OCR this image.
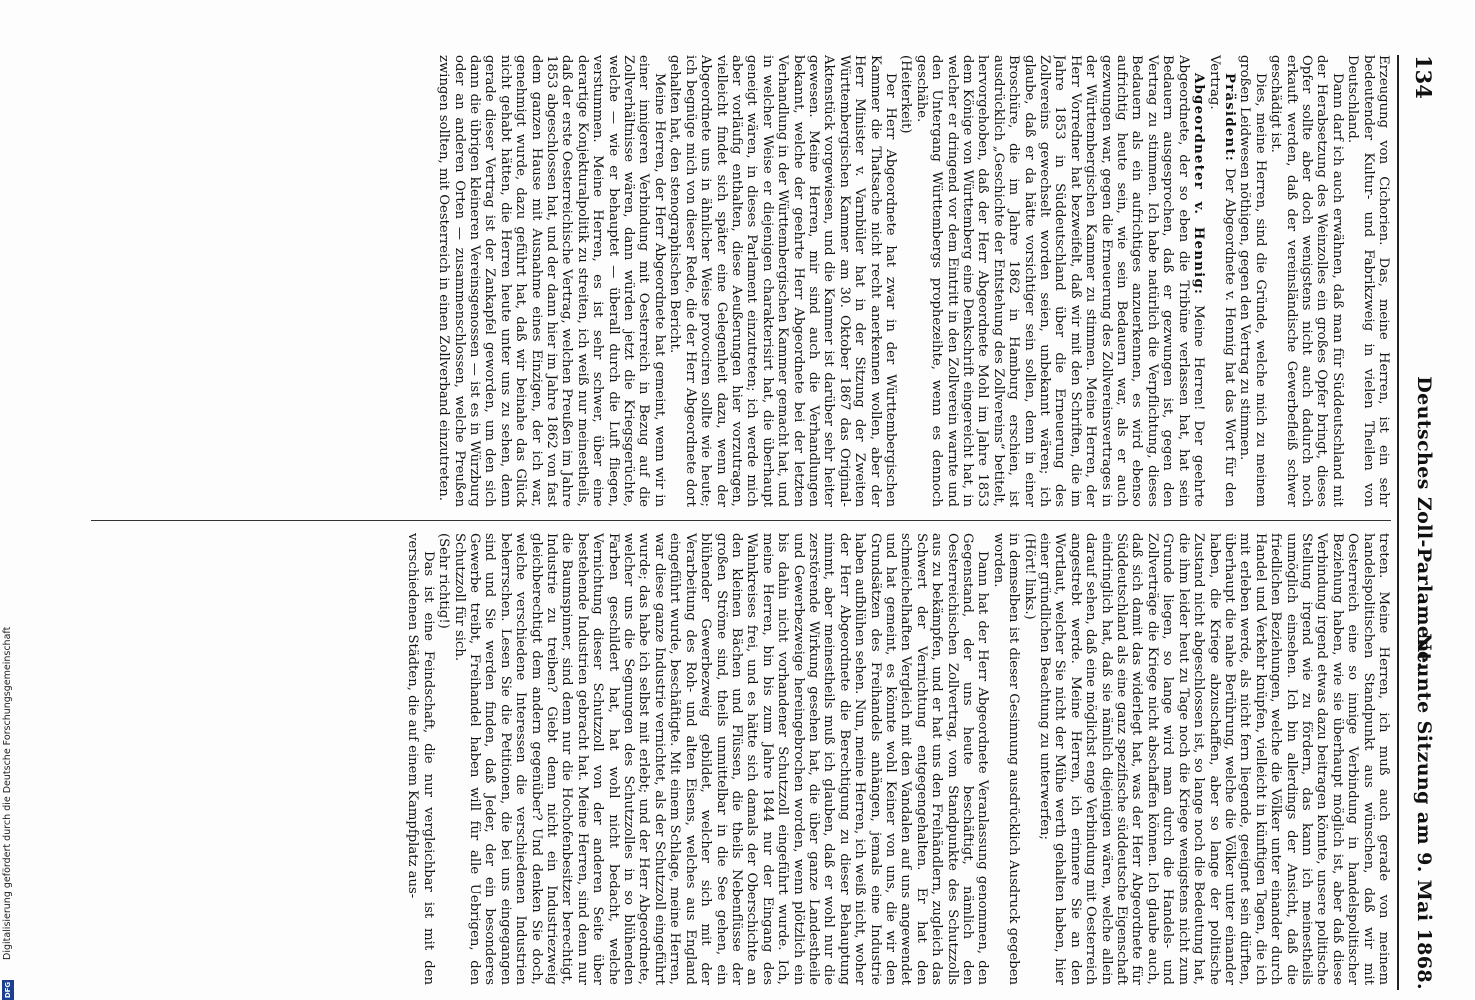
134
Deutsches Zoll-Parlament.
Neunte Sitzung am 9. Mai 1868.

Erzeugung von Cichorien. Das, meine Herren, ist ein sehr bedeutender Kultur- und Fabrikzweig in vielen Theilen von Deutschland.

Dann darf ich auch erwähnen, daß man für Süddeutschland mit der Herabsetzung des Weinzolles ein großes Opfer bringt, dieses Opfer sollte aber doch wenigstens nicht auch dadurch noch erkauft werden, daß der vereinsländische Gewerbefleiß schwer geschädigt ist.

Dies, meine Herren, sind die Gründe, welche mich zu meinem großen Leidwesen nöthigen, gegen den Vertrag zu stimmen.

Präsident: Der Abgeordnete v. Hennig hat das Wort für den Vertrag.

Abgeordneter v. Hennig: Meine Herren! Der geehrte Abgeordnete, der so eben die Tribüne verlassen hat, hat sein Bedauern ausgesprochen, daß er gezwungen ist, gegen den Vertrag zu stimmen. Ich habe natürlich die Verpflichtung, dieses Bedauern als ein aufrichtiges anzuerkennen, es wird ebenso aufrichtig heute sein, wie sein Bedauern war, als er auch gezwungen war, gegen die Erneuerung des Zollvereinsvertrages in der Württembergischen Kammer zu stimmen. Meine Herren, der Herr Vorredner hat bezweifelt, daß wir mit den Schriften, die im Jahre 1853 in Süddeutschland über die Erneuerung des Zollvereins gewechselt worden seien, unbekannt wären; ich glaube, daß er da hätte vorsichtiger sein sollen, denn in einer Broschüre, die im Jahre 1862 in Hamburg erschien, ist ausdrücklich „Geschichte der Entstehung des Zollvereins“ betitelt, hervorgehoben, daß der Herr Abgeordnete Mohl im Jahre 1853 dem Könige von Württemberg eine Denkschrift eingereicht hat, in welcher er dringend vor dem Eintritt in den Zollverein warnte und den Untergang Württembergs prophezeihte, wenn es dennoch geschähe.

(Heiterkeit)

Der Herr Abgeordnete hat zwar in der Württembergischen Kammer die Thatsache nicht recht anerkennen wollen, aber der Herr Minister v. Varnbüler hat in der Sitzung der Zweiten Württembergischen Kammer am 30. Oktober 1867 das Original-Aktenstück vorgewiesen, und die Kammer ist darüber sehr heiter gewesen. Meine Herren, mir sind auch die Verhandlungen bekannt, welche der geehrte Herr Abgeordnete bei der letzten Verhandlung in der Württembergischen Kammer gemacht hat, und in welcher Weise er diejenigen charakterisirt hat, die überhaupt geneigt wären, in dieses Parlament einzutreten; ich werde mich aber vorläufig enthalten, diese Aeußerungen hier vorzutragen, vielleicht findet sich später eine Gelegenheit dazu, wenn der Abgeordnete uns in ähnlicher Weise provociren sollte wie heute; ich begnüge mich von dieser Rede, die der Herr Abgeordnete dort gehalten hat, den stenographischen Bericht.

Meine Herren, der Herr Abgeordnete hat gemeint, wenn wir in einer innigeren Verbindung mit Oesterreich in Bezug auf die Zollverhältnisse wären, dann würden jetzt die Kriegsgerüchte, welche — wie er behauptet — überall durch die Luft fliegen, verstummen. Meine Herren, es ist sehr schwer, über eine derartige Konjekturalpolitik zu streiten, ich weiß nur meinestheils, daß der erste Oesterreichische Vertrag, welchen Preußen im Jahre 1853 abgeschlossen hat, und der dann hier im Jahre 1862 von fast dem ganzen Hause mit Ausnahme eines Einzigen, der ich war, genehmigt wurde, dazu geführt hat, daß wir beinahe das Glück nicht gehabt hätten, die Herren heute unter uns zu sehen, denn gerade dieser Vertrag ist der Zankapfel geworden, um den sich dann die übrigen kleineren Vereinsgenossen — ist es in Würzburg oder an anderen Orten — zusammenschlossen, welche Preußen zwingen sollten, mit Oesterreich in einen Zollverband einzutreten.

treten. Meine Herren, ich muß auch gerade von meinem handelspolitischen Standpunkt aus wünschen, daß wir mit Oesterreich eine so innige Verbindung in handelspolitischer Beziehung haben, wie sie überhaupt möglich ist, aber daß diese Verbindung irgend etwas dazu beitragen könnte, unsere politische Stellung irgend wie zu fördern, das kann ich meinestheils unmöglich einsehen. Ich bin allerdings der Ansicht, daß die friedlichen Beziehungen, welche die Völker unter einander durch Handel und Verkehr knüpfen, vielleicht in künftigen Tagen, die ich mit erleben werde, als nicht fern liegende, geeignet sein dürften, überhaupt die nahe Berührung, welche die Völker unter einander haben, die Kriege abzuschaffen, aber so lange der politische Zustand nicht abgeschlossen ist, so lange noch die Bedeutung hat, die ihm leider heut zu Tage noch die Kriege wenigstens nicht zum Grunde liegen, so lange wird man durch die Handels- und Zollverträge die Kriege nicht abschaffen können. Ich glaube auch, daß sich damit das widerlegt hat, was der Herr Abgeordnete für Süddeutschland als eine ganz spezifische süddeutsche Eigenschaft eindringlich hat, daß sie nämlich diejenigen wären, welche allein darauf sehen, daß eine möglichst enge Verbindung mit Oesterreich angestrebt werde. Meine Herren, ich erinnere Sie an den Wortlaut, welcher Sie nicht der Mühe werth gehalten haben, hier einer gründlichen Beachtung zu unterwerfen;

(Hört! links.)

in demselben ist dieser Gesinnung ausdrücklich Ausdruck gegeben worden.

Dann hat der Herr Abgeordnete Veranlassung genommen, den Gegenstand, der uns heute beschäftigt, nämlich den Oesterreichischen Zollvertrag, vom Standpunkte des Schutzzolls aus zu bekämpfen, und er hat uns den Freihändlern, zugleich das Schwert der Vernichtung entgegengehalten. Er hat den schmeichelhaften Vergleich mit den Vandalen auf uns angewendet und hat gemeint, es könnte wohl Keiner von uns, die wir den Grundsätzen des Freihandels anhängen, jemals eine Industrie haben aufblühen sehen. Nun, meine Herren, ich weiß nicht, woher der Herr Abgeordnete die Berechtigung zu dieser Behauptung nimmt, aber meinestheils muß ich glauben, daß er wohl nur die zerstörende Wirkung gesehen hat, die über ganze Landestheile und Gewerbezweige hereingebrochen worden, wenn plötzlich ein bis dahin nicht vorhandener Schutzzoll eingeführt wurde. Ich, meine Herren, bin bis zum Jahre 1844 nur der Eingang des Wahnkreises frei, und es hätte sich damals der Oberschichte an den kleinen Bächen und Flüssen, die theils Nebenflüsse der großen Ströme sind, theils unmittelbar in die See gehen, ein blühender Gewerbezweig gebildet, welcher sich mit der Verarbeitung des Roh- und alten Eisens, welches aus England eingeführt wurde, beschäftigte. Mit einem Schlage, meine Herren, war diese ganze Industrie vernichtet, als der Schutzzoll eingeführt wurde; das habe ich selbst mit erlebt; und der Herr Abgeordnete, welcher uns die Segnungen des Schutzzolles in so blühenden Farben geschildert hat, hat wohl nicht bedacht, welche Vernichtung dieser Schutzzoll von der anderen Seite über bestehende Industrien gebracht hat. Meine Herren, sind denn nur die Baumspinner, sind denn nur die Hochofenbesitzer berechtigt, Industrie zu treiben? Giebt denn nicht ein Industriezweig gleichberechtigt dem andern gegenüber? Und denken Sie doch, welche verschiedene Interessen die verschiedenen Industrien beherrschen. Lesen Sie die Petitionen, die bei uns eingegangen sind und Sie werden finden, daß Jeder, der ein besonderes Gewerbe treibt, Freihandel haben will für alle Uebrigen, den Schutzzoll für sich.

(Sehr richtig!)

Das ist eine Feindschaft, die nur vergleichbar ist mit den verschiedenen Städten, die auf einem Kampfplatz aus-

Digitalisierung gefördert durch die Deutsche Forschungsgemeinschaft
DFG
